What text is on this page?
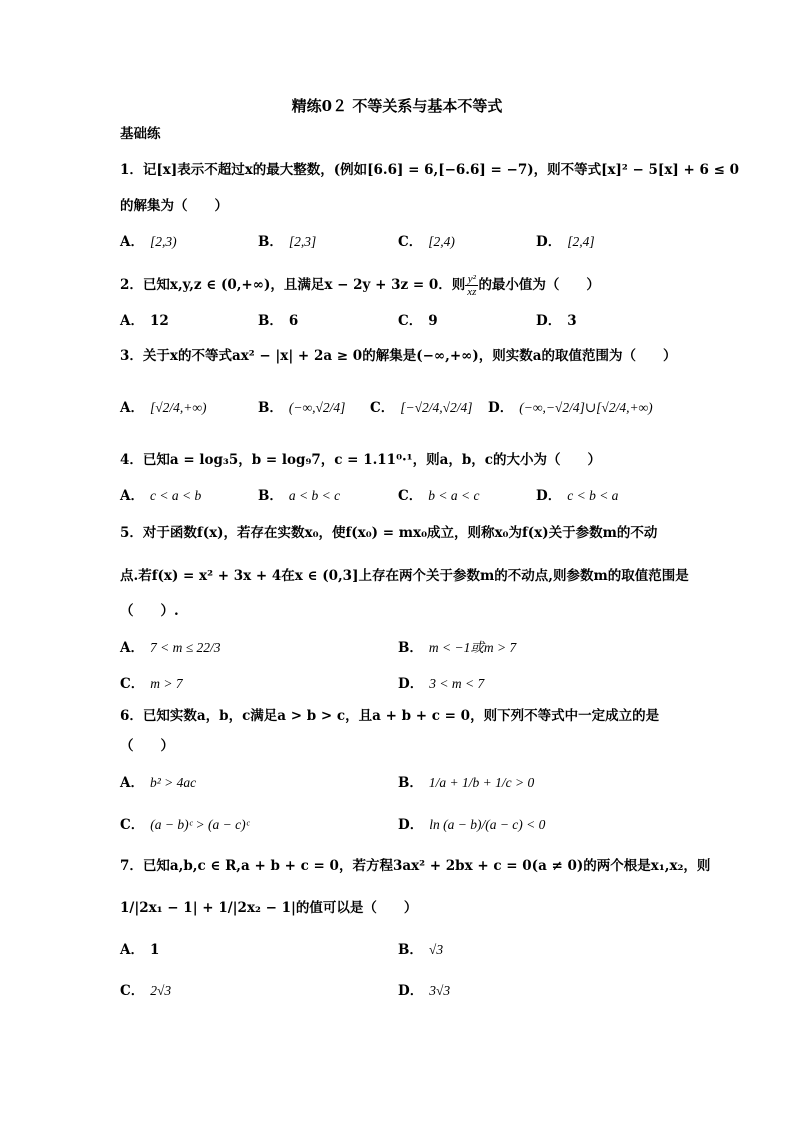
精练0２ 不等关系与基本不等式
基础练
1．记[x]表示不超过x的最大整数，(例如[6.6] = 6,[−6.6] = −7)，则不等式[x]² − 5[x] + 6 ≤ 0
的解集为（　　）
A． [2,3)	B． [2,3]	C． [2,4)	D． [2,4]
2．已知x,y,z ∈ (0,+∞)，且满足x − 2y + 3z = 0．则 $\frac{\text{y²}}{xz}$ 的最小值为（　　）
A． 12	B． 6	C． 9	D． 3
3．关于x的不等式ax² − |x| + 2a ≥ 0的解集是(−∞,+∞)，则实数a的取值范围为（　　）
A． [√2/4,+∞)	B． (−∞,√2/4] C． [−√2/4,√2/4] D． (−∞,−√2/4]∪[√2/4,+∞)
4．已知a = log₃5，b = log₉7，c = 1.11⁰·¹，则a，b，c的大小为（　　）
A． c < a < b	B． a < b < c	C． b < a < c	D． c < b < a
5．对于函数f(x)，若存在实数x₀，使f(x₀) = mx₀成立，则称x₀为f(x)关于参数m的不动
点.若f(x) = x² + 3x + 4在x ∈ (0,3]上存在两个关于参数m的不动点,则参数m的取值范围是
（　　）.
A． 7 < m ≤ 22/3	B． m < −1或m > 7
C． m > 7	D． 3 < m < 7
6．已知实数a，b，c满足a > b > c，且a + b + c = 0，则下列不等式中一定成立的是
（　　）
A． b² > 4ac	B． 1/a + 1/b + 1/c > 0
C． (a − b)ᶜ > (a − c)ᶜ	D． ln (a − b)/(a − c) < 0
7．已知a,b,c ∈ R,a + b + c = 0，若方程3ax² + 2bx + c = 0(a ≠ 0)的两个根是x₁,x₂，则
1/|2x₁ − 1| + 1/|2x₂ − 1|的值可以是（　　）
A． 1	B． √3
C． 2√3	D． 3√3
